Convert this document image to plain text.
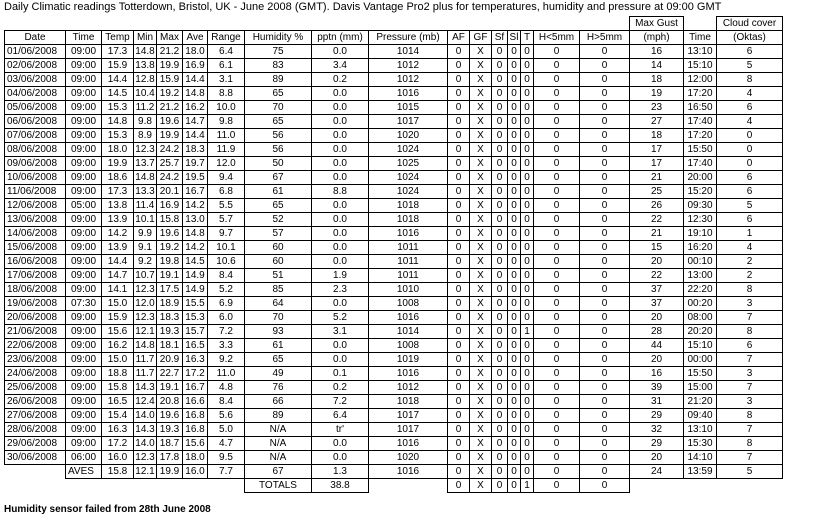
Daily Climatic readings Totterdown, Bristol, UK - June 2008 (GMT). Davis Vantage Pro2 plus for temperatures, humidity and pressure at 09:00 GMT
																	Max Gust		Cloud cover
Date	Time	Temp	Min	Max	Ave	Range	Humidity %	pptn (mm)	Pressure (mb)	AF	GF	Sf	Sl	T	H<5mm	H>5mm	(mph)	Time	(Oktas)
01/06/2008	09:00	17.3	14.8	21.2	18.0	6.4	75	0.0	1014	0	X	0	0	0	0	0	16	13:10	6
02/06/2008	09:00	15.9	13.8	19.9	16.9	6.1	83	3.4	1012	0	X	0	0	0	0	0	14	15:10	5
03/06/2008	09:00	14.4	12.8	15.9	14.4	3.1	89	0.2	1012	0	X	0	0	0	0	0	18	12:00	8
04/06/2008	09:00	14.5	10.4	19.2	14.8	8.8	65	0.0	1016	0	X	0	0	0	0	0	19	17:20	4
05/06/2008	09:00	15.3	11.2	21.2	16.2	10.0	70	0.0	1015	0	X	0	0	0	0	0	23	16:50	6
06/06/2008	09:00	14.8	9.8	19.6	14.7	9.8	65	0.0	1017	0	X	0	0	0	0	0	27	17:40	4
07/06/2008	09:00	15.3	8.9	19.9	14.4	11.0	56	0.0	1020	0	X	0	0	0	0	0	18	17:20	0
08/06/2008	09:00	18.0	12.3	24.2	18.3	11.9	56	0.0	1024	0	X	0	0	0	0	0	17	15:50	0
09/06/2008	09:00	19.9	13.7	25.7	19.7	12.0	50	0.0	1025	0	X	0	0	0	0	0	17	17:40	0
10/06/2008	09:00	18.6	14.8	24.2	19.5	9.4	67	0.0	1024	0	X	0	0	0	0	0	21	20:00	6
11/06/2008	09:00	17.3	13.3	20.1	16.7	6.8	61	8.8	1024	0	X	0	0	0	0	0	25	15:20	6
12/06/2008	05:00	13.8	11.4	16.9	14.2	5.5	65	0.0	1018	0	X	0	0	0	0	0	26	09:30	5
13/06/2008	09:00	13.9	10.1	15.8	13.0	5.7	52	0.0	1018	0	X	0	0	0	0	0	22	12:30	6
14/06/2008	09:00	14.2	9.9	19.6	14.8	9.7	57	0.0	1016	0	X	0	0	0	0	0	21	19:10	1
15/06/2008	09:00	13.9	9.1	19.2	14.2	10.1	60	0.0	1011	0	X	0	0	0	0	0	15	16:20	4
16/06/2008	09:00	14.4	9.2	19.8	14.5	10.6	60	0.0	1011	0	X	0	0	0	0	0	20	00:10	2
17/06/2008	09:00	14.7	10.7	19.1	14.9	8.4	51	1.9	1011	0	X	0	0	0	0	0	22	13:00	2
18/06/2008	09:00	14.1	12.3	17.5	14.9	5.2	85	2.3	1010	0	X	0	0	0	0	0	37	22:20	8
19/06/2008	07:30	15.0	12.0	18.9	15.5	6.9	64	0.0	1008	0	X	0	0	0	0	0	37	00:20	3
20/06/2008	09:00	15.9	12.3	18.3	15.3	6.0	70	5.2	1016	0	X	0	0	0	0	0	20	08:00	7
21/06/2008	09:00	15.6	12.1	19.3	15.7	7.2	93	3.1	1014	0	X	0	0	1	0	0	28	20:20	8
22/06/2008	09:00	16.2	14.8	18.1	16.5	3.3	61	0.0	1008	0	X	0	0	0	0	0	44	15:10	6
23/06/2008	09:00	15.0	11.7	20.9	16.3	9.2	65	0.0	1019	0	X	0	0	0	0	0	20	00:00	7
24/06/2008	09:00	18.8	11.7	22.7	17.2	11.0	49	0.1	1016	0	X	0	0	0	0	0	16	15:50	3
25/06/2008	09:00	15.8	14.3	19.1	16.7	4.8	76	0.2	1012	0	X	0	0	0	0	0	39	15:00	7
26/06/2008	09:00	16.5	12.4	20.8	16.6	8.4	66	7.2	1018	0	X	0	0	0	0	0	31	21:20	3
27/06/2008	09:00	15.4	14.0	19.6	16.8	5.6	89	6.4	1017	0	X	0	0	0	0	0	29	09:40	8
28/06/2008	09:00	16.3	14.3	19.3	16.8	5.0	N/A	tr'	1017	0	X	0	0	0	0	0	32	13:10	7
29/06/2008	09:00	17.2	14.0	18.7	15.6	4.7	N/A	0.0	1016	0	X	0	0	0	0	0	29	15:30	8
30/06/2008	06:00	16.0	12.3	17.8	18.0	9.5	N/A	0.0	1020	0	X	0	0	0	0	0	20	14:10	7
	AVES	15.8	12.1	19.9	16.0	7.7	67	1.3	1016	0	X	0	0	0	0	0	24	13:59	5
							TOTALS	38.8		0	X	0	0	1	0	0			
Humidity sensor failed from 28th June 2008
